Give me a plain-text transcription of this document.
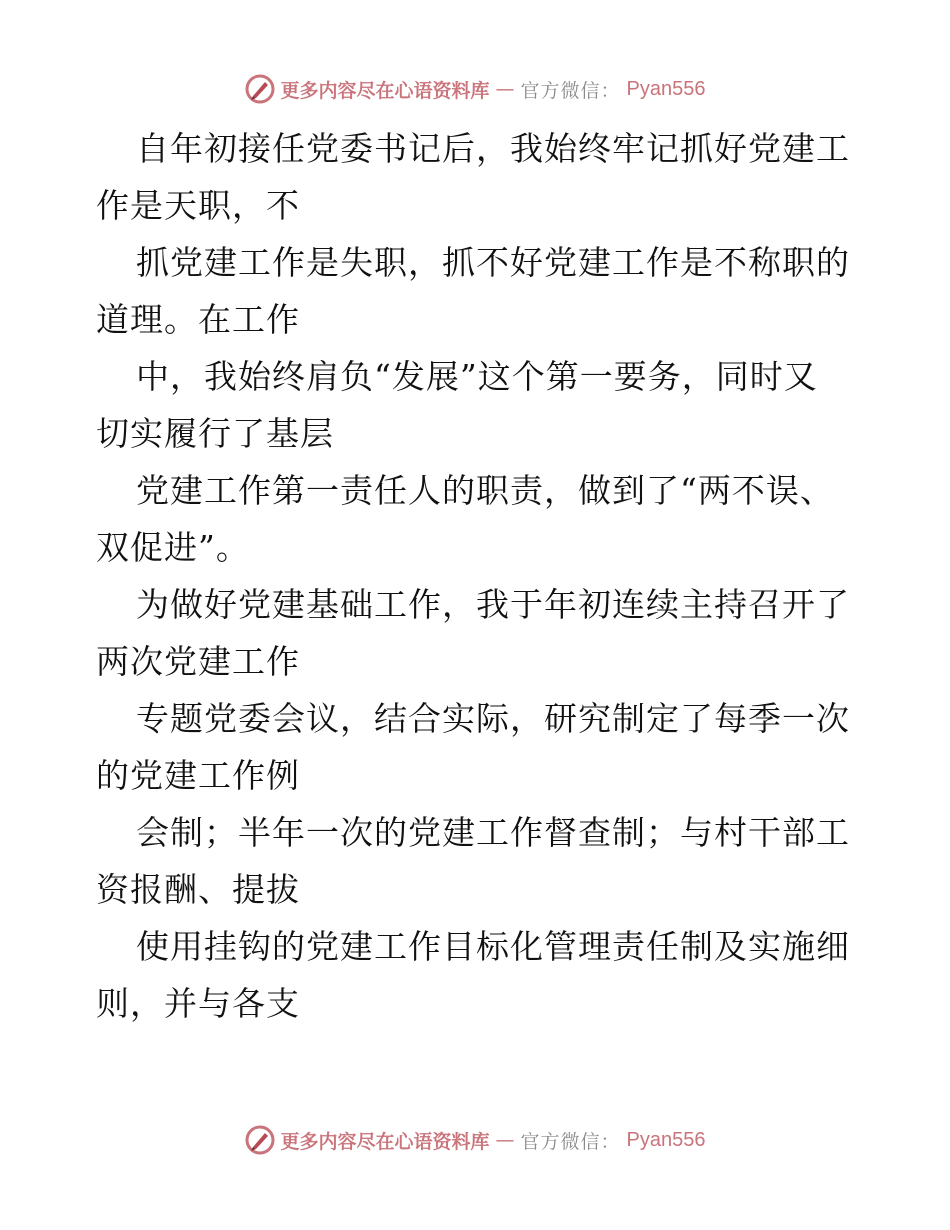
更多内容尽在心语资料库 — 官方微信： Pyan556

自年初接任党委书记后，我始终牢记抓好党建工
作是天职，不

抓党建工作是失职，抓不好党建工作是不称职的
道理。在工作

中，我始终肩负“发展”这个第一要务，同时又
切实履行了基层

党建工作第一责任人的职责，做到了“两不误、
双促进”。

为做好党建基础工作，我于年初连续主持召开了
两次党建工作

专题党委会议，结合实际，研究制定了每季一次
的党建工作例

会制；半年一次的党建工作督查制；与村干部工
资报酬、提拔

使用挂钩的党建工作目标化管理责任制及实施细
则，并与各支

更多内容尽在心语资料库 — 官方微信： Pyan556
